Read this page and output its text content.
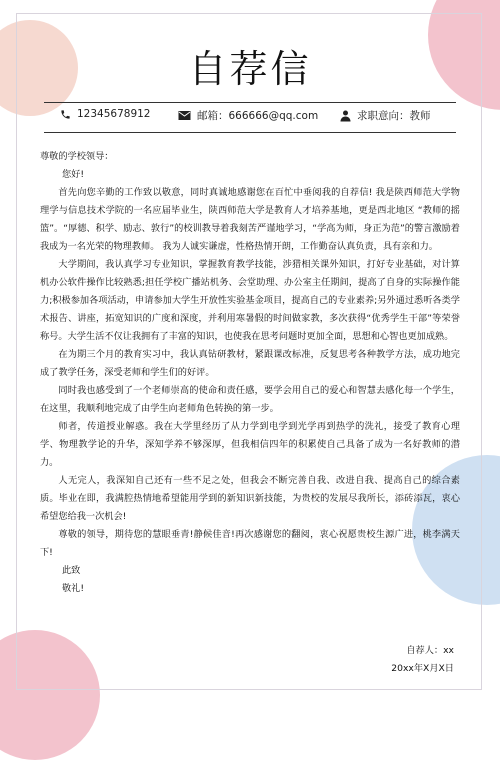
自荐信
12345678912	邮箱：666666@qq.com	求职意向：教师

尊敬的学校领导：

您好!

首先向您辛勤的工作致以敬意，同时真诚地感谢您在百忙中垂阅我的自荐信! 我是陕西师范大学物理学与信息技术学院的一名应届毕业生，陕西师范大学是教育人才培养基地，更是西北地区 “教师的摇篮”。“厚德、积学、励志、敦行”的校训教导着我刻苦严谨地学习，“学高为师，身正为范”的警言激励着我成为一名光荣的物理教师。 我为人诚实谦虚，性格热情开朗，工作勤奋认真负责，具有亲和力。

大学期间，我认真学习专业知识，掌握教育教学技能，涉猎相关课外知识，打好专业基础，对计算机办公软件操作比较熟悉;担任学校广播站机务、会堂助理、办公室主任期间，提高了自身的实际操作能力;积极参加各项活动，申请参加大学生开放性实验基金项目，提高自己的专业素养;另外通过悉听各类学术报告、讲座，拓宽知识的广度和深度，并利用寒暑假的时间做家教，多次获得“优秀学生干部”等荣誉称号。大学生活不仅让我拥有了丰富的知识，也使我在思考问题时更加全面，思想和心智也更加成熟。

在为期三个月的教育实习中，我认真钻研教材，紧跟课改标准，反复思考各种教学方法，成功地完成了教学任务，深受老师和学生们的好评。

同时我也感受到了一个老师崇高的使命和责任感，要学会用自己的爱心和智慧去感化每一个学生，在这里，我顺利地完成了由学生向老师角色转换的第一步。

师者，传道授业解惑。我在大学里经历了从力学到电学到光学再到热学的洗礼，接受了教育心理学、物理教学论的升华，深知学养不够深厚，但我相信四年的积累使自己具备了成为一名好教师的潜力。

人无完人，我深知自己还有一些不足之处，但我会不断完善自我、改进自我、提高自己的综合素质。毕业在即，我满腔热情地希望能用学到的新知识新技能，为贵校的发展尽我所长，添砖添瓦，衷心希望您给我一次机会!

尊敬的领导，期待您的慧眼垂青!静候佳音!再次感谢您的翻阅，衷心祝愿贵校生源广进，桃李满天下!

此致

敬礼!

自荐人：xx
20xx年X月X日
